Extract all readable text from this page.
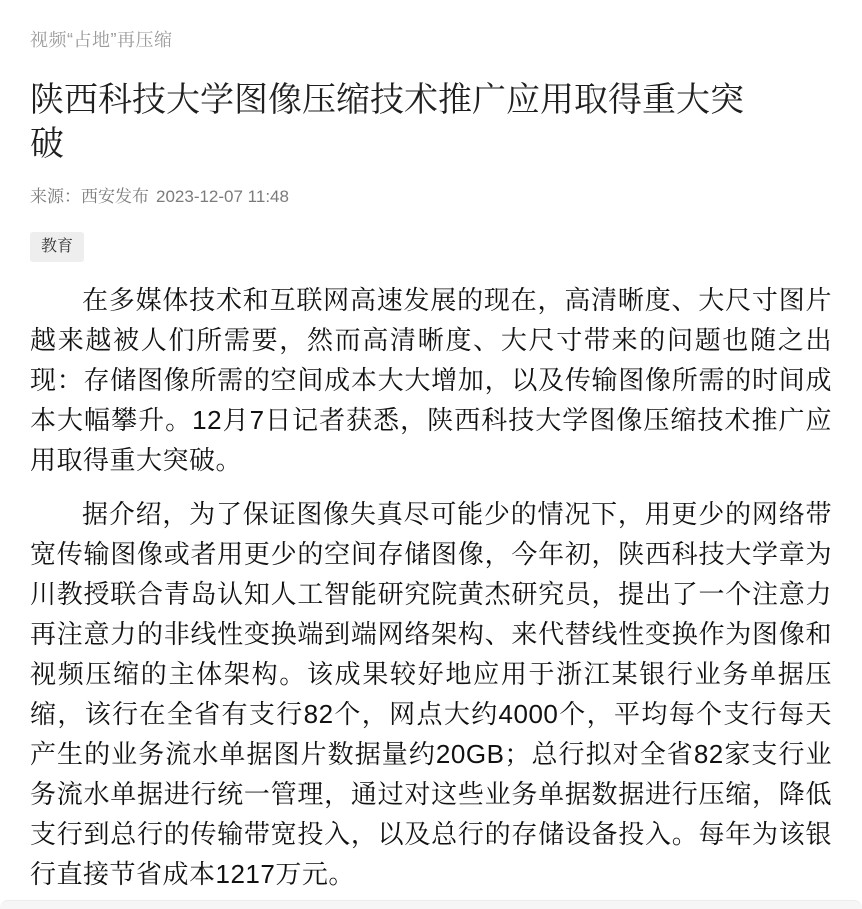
视频“占地”再压缩
陕西科技大学图像压缩技术推广应用取得重大突破
来源：西安发布 2023-12-07 11:48
教育

在多媒体技术和互联网高速发展的现在，高清晰度、大尺寸图片越来越被人们所需要，然而高清晰度、大尺寸带来的问题也随之出现：存储图像所需的空间成本大大增加，以及传输图像所需的时间成本大幅攀升。12月7日记者获悉，陕西科技大学图像压缩技术推广应用取得重大突破。

据介绍，为了保证图像失真尽可能少的情况下，用更少的网络带宽传输图像或者用更少的空间存储图像，今年初，陕西科技大学章为川教授联合青岛认知人工智能研究院黄杰研究员，提出了一个注意力再注意力的非线性变换端到端网络架构、来代替线性变换作为图像和视频压缩的主体架构。该成果较好地应用于浙江某银行业务单据压缩，该行在全省有支行82个，网点大约4000个，平均每个支行每天产生的业务流水单据图片数据量约20GB；总行拟对全省82家支行业务流水单据进行统一管理，通过对这些业务单据数据进行压缩，降低支行到总行的传输带宽投入，以及总行的存储设备投入。每年为该银行直接节省成本1217万元。
